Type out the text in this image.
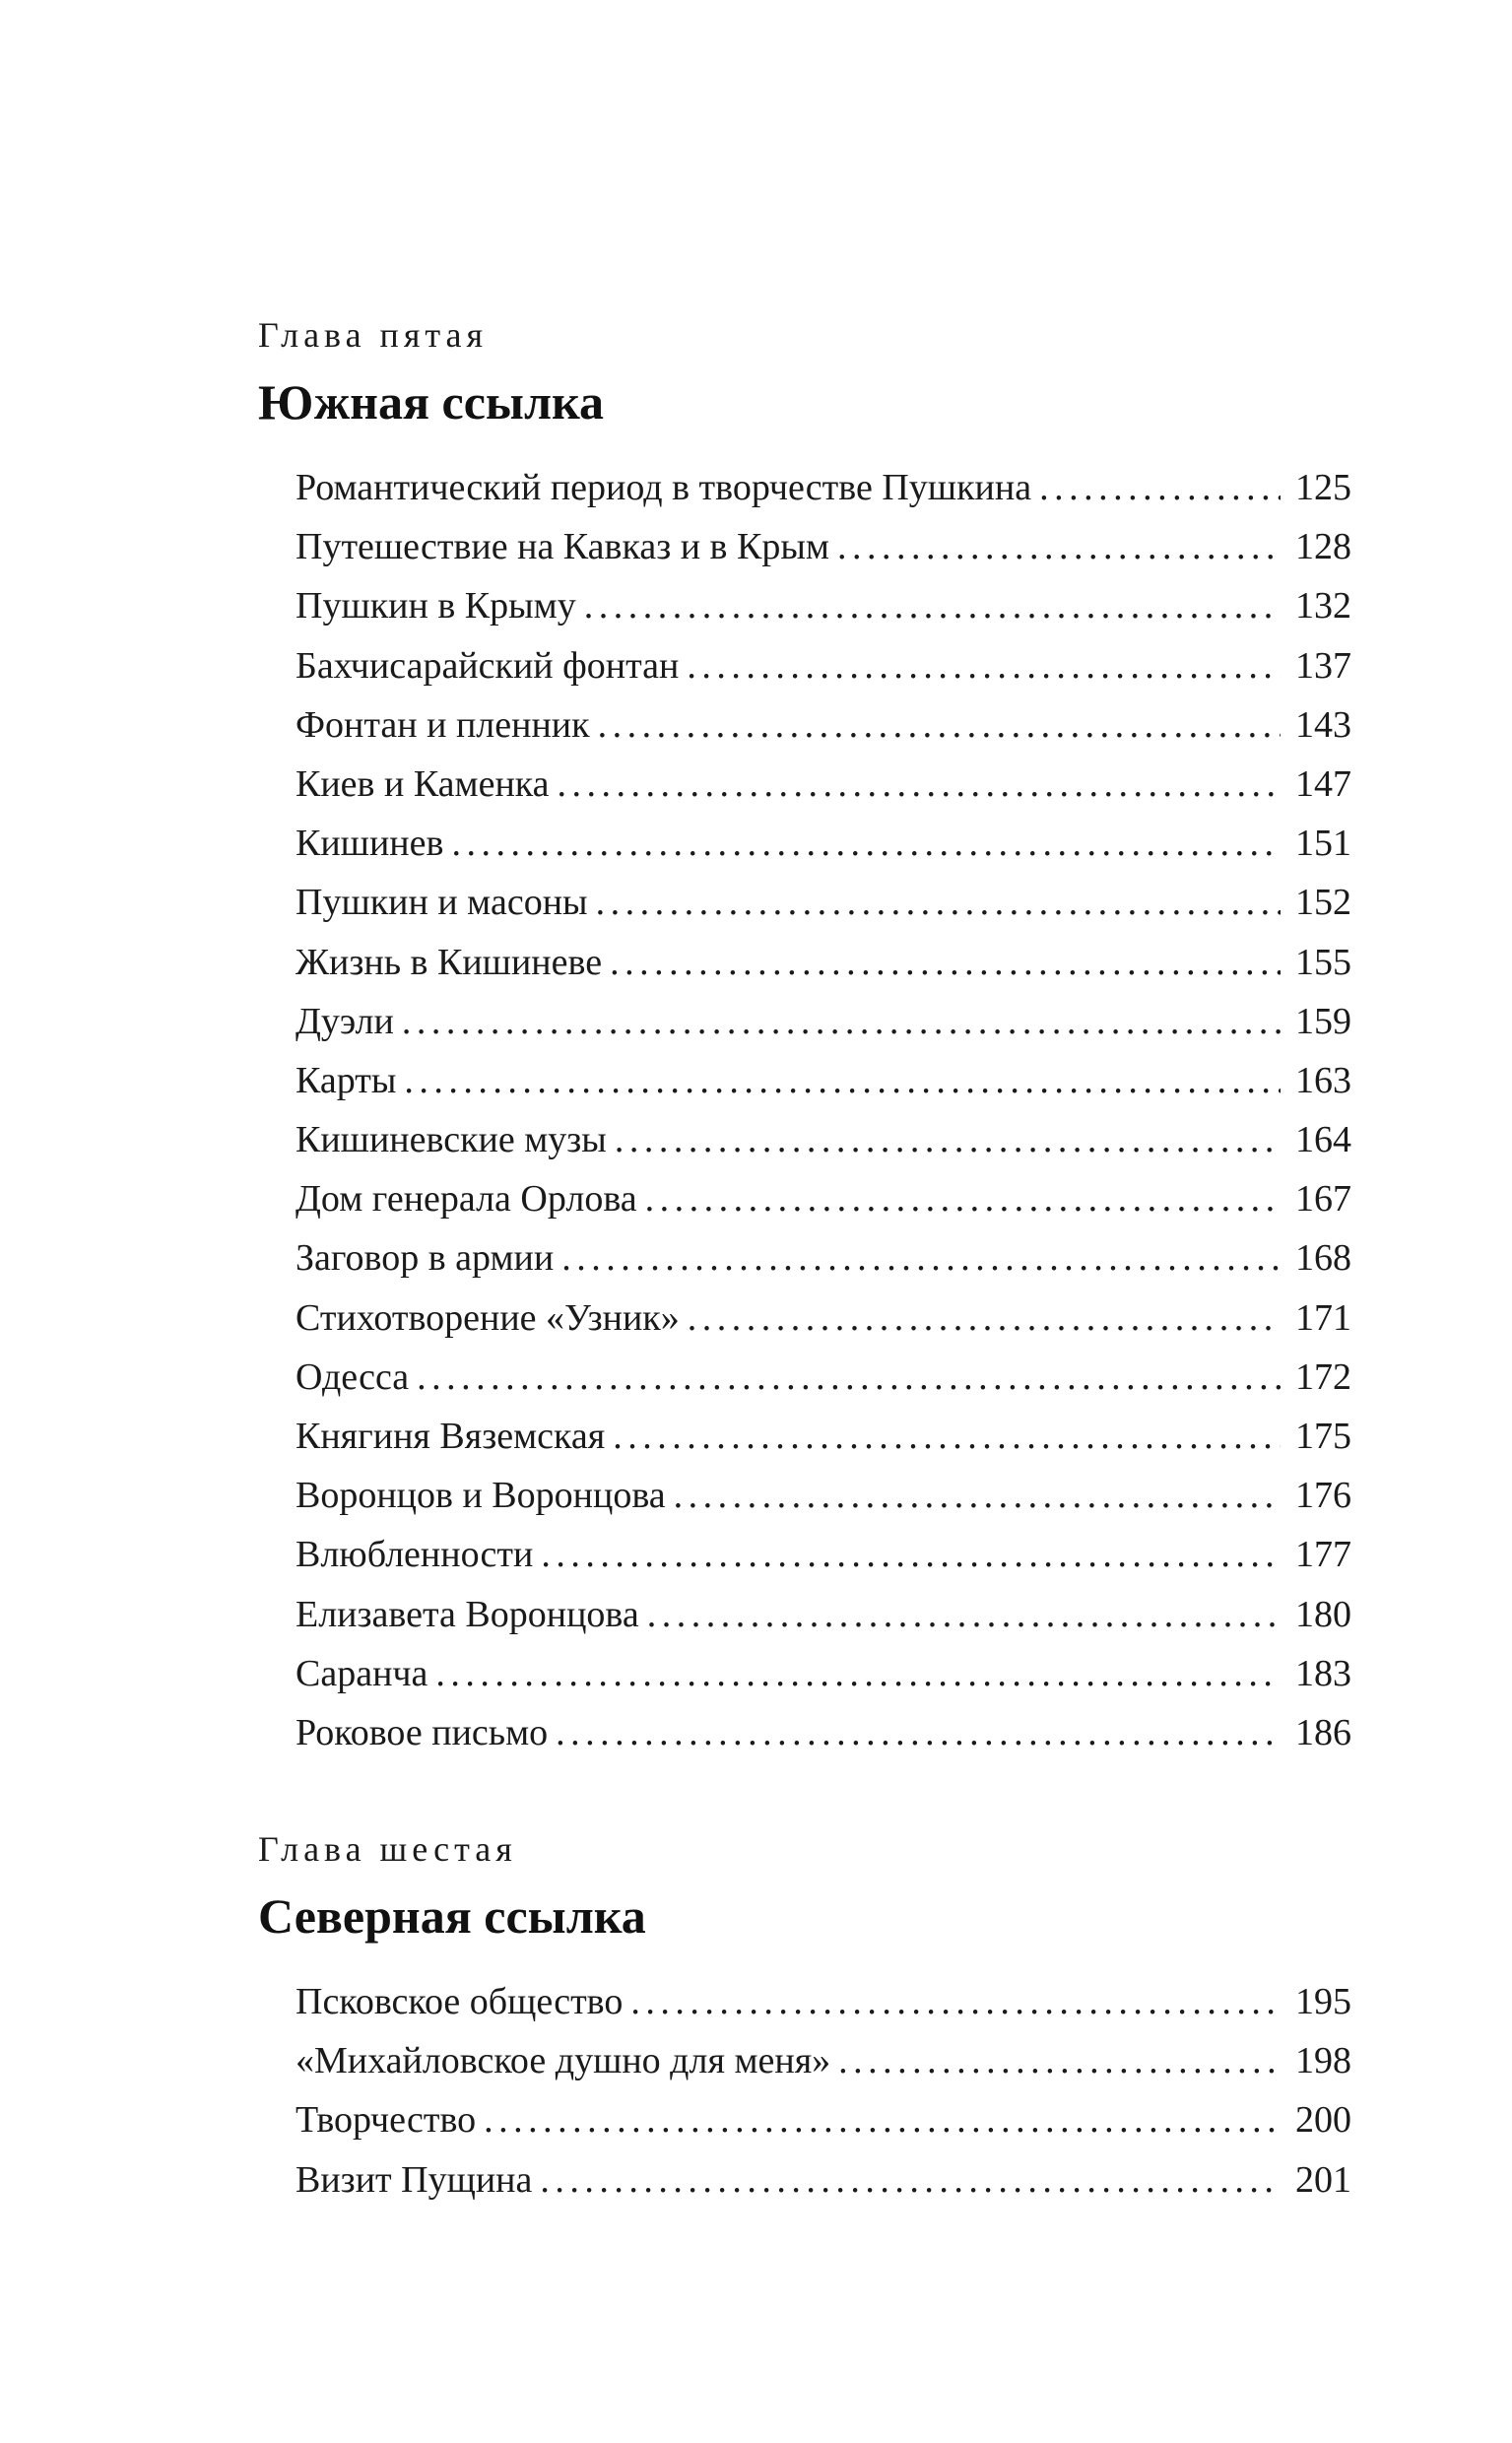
Глава пятая
Южная ссылка
Романтический период в творчестве Пушкина . . .	125
Путешествие на Кавказ и в Крым . . .	128
Пушкин в Крыму . . .	132
Бахчисарайский фонтан . . .	137
Фонтан и пленник . . .	143
Киев и Каменка . . .	147
Кишинев . . .	151
Пушкин и масоны . . .	152
Жизнь в Кишиневе . . .	155
Дуэли . . .	159
Карты . . .	163
Кишиневские музы . . .	164
Дом генерала Орлова . . .	167
Заговор в армии . . .	168
Стихотворение «Узник» . . .	171
Одесса . . .	172
Княгиня Вяземская . . .	175
Воронцов и Воронцова . . .	176
Влюбленности . . .	177
Елизавета Воронцова . . .	180
Саранча . . .	183
Роковое письмо . . .	186
Глава шестая
Северная ссылка
Псковское общество . . .	195
«Михайловское душно для меня» . . .	198
Творчество . . .	200
Визит Пущина . . .	201
